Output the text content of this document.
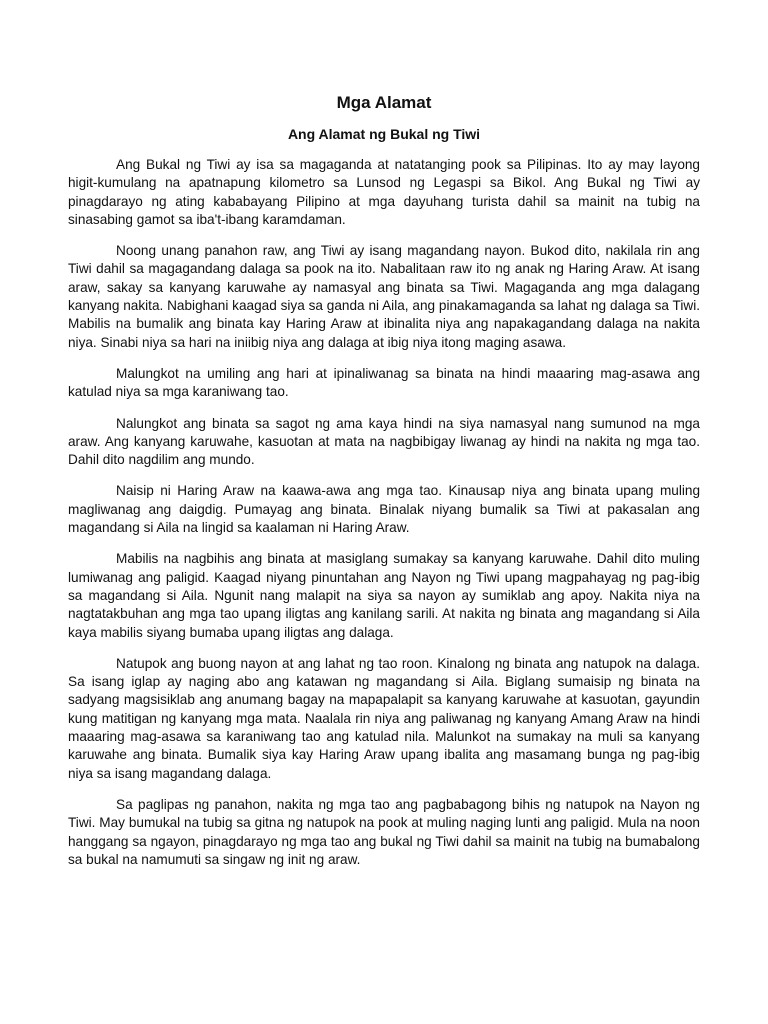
Mga Alamat
Ang Alamat ng Bukal ng Tiwi

Ang Bukal ng Tiwi ay isa sa magaganda at natatanging pook sa Pilipinas. Ito ay may layong higit-kumulang na apatnapung kilometro sa Lunsod ng Legaspi sa Bikol. Ang Bukal ng Tiwi ay pinagdarayo ng ating kababayang Pilipino at mga dayuhang turista dahil sa mainit na tubig na sinasabing gamot sa iba't-ibang karamdaman.

Noong unang panahon raw, ang Tiwi ay isang magandang nayon. Bukod dito, nakilala rin ang Tiwi dahil sa magagandang dalaga sa pook na ito. Nabalitaan raw ito ng anak ng Haring Araw. At isang araw, sakay sa kanyang karuwahe ay namasyal ang binata sa Tiwi. Magaganda ang mga dalagang kanyang nakita. Nabighani kaagad siya sa ganda ni Aila, ang pinakamaganda sa lahat ng dalaga sa Tiwi. Mabilis na bumalik ang binata kay Haring Araw at ibinalita niya ang napakagandang dalaga na nakita niya. Sinabi niya sa hari na iniibig niya ang dalaga at ibig niya itong maging asawa.

Malungkot na umiling ang hari at ipinaliwanag sa binata na hindi maaaring mag-asawa ang katulad niya sa mga karaniwang tao.

Nalungkot ang binata sa sagot ng ama kaya hindi na siya namasyal nang sumunod na mga araw. Ang kanyang karuwahe, kasuotan at mata na nagbibigay liwanag ay hindi na nakita ng mga tao. Dahil dito nagdilim ang mundo.

Naisip ni Haring Araw na kaawa-awa ang mga tao. Kinausap niya ang binata upang muling magliwanag ang daigdig. Pumayag ang binata. Binalak niyang bumalik sa Tiwi at pakasalan ang magandang si Aila na lingid sa kaalaman ni Haring Araw.

Mabilis na nagbihis ang binata at masiglang sumakay sa kanyang karuwahe. Dahil dito muling lumiwanag ang paligid. Kaagad niyang pinuntahan ang Nayon ng Tiwi upang magpahayag ng pag-ibig sa magandang si Aila. Ngunit nang malapit na siya sa nayon ay sumiklab ang apoy. Nakita niya na nagtatakbuhan ang mga tao upang iligtas ang kanilang sarili. At nakita ng binata ang magandang si Aila kaya mabilis siyang bumaba upang iligtas ang dalaga.

Natupok ang buong nayon at ang lahat ng tao roon. Kinalong ng binata ang natupok na dalaga. Sa isang iglap ay naging abo ang katawan ng magandang si Aila. Biglang sumaisip ng binata na sadyang magsisiklab ang anumang bagay na mapapalapit sa kanyang karuwahe at kasuotan, gayundin kung matitigan ng kanyang mga mata. Naalala rin niya ang paliwanag ng kanyang Amang Araw na hindi maaaring mag-asawa sa karaniwang tao ang katulad nila. Malunkot na sumakay na muli sa kanyang karuwahe ang binata. Bumalik siya kay Haring Araw upang ibalita ang masamang bunga ng pag-ibig niya sa isang magandang dalaga.

Sa paglipas ng panahon, nakita ng mga tao ang pagbabagong bihis ng natupok na Nayon ng Tiwi. May bumukal na tubig sa gitna ng natupok na pook at muling naging lunti ang paligid. Mula na noon hanggang sa ngayon, pinagdarayo ng mga tao ang bukal ng Tiwi dahil sa mainit na tubig na bumabalong sa bukal na namumuti sa singaw ng init ng araw.
